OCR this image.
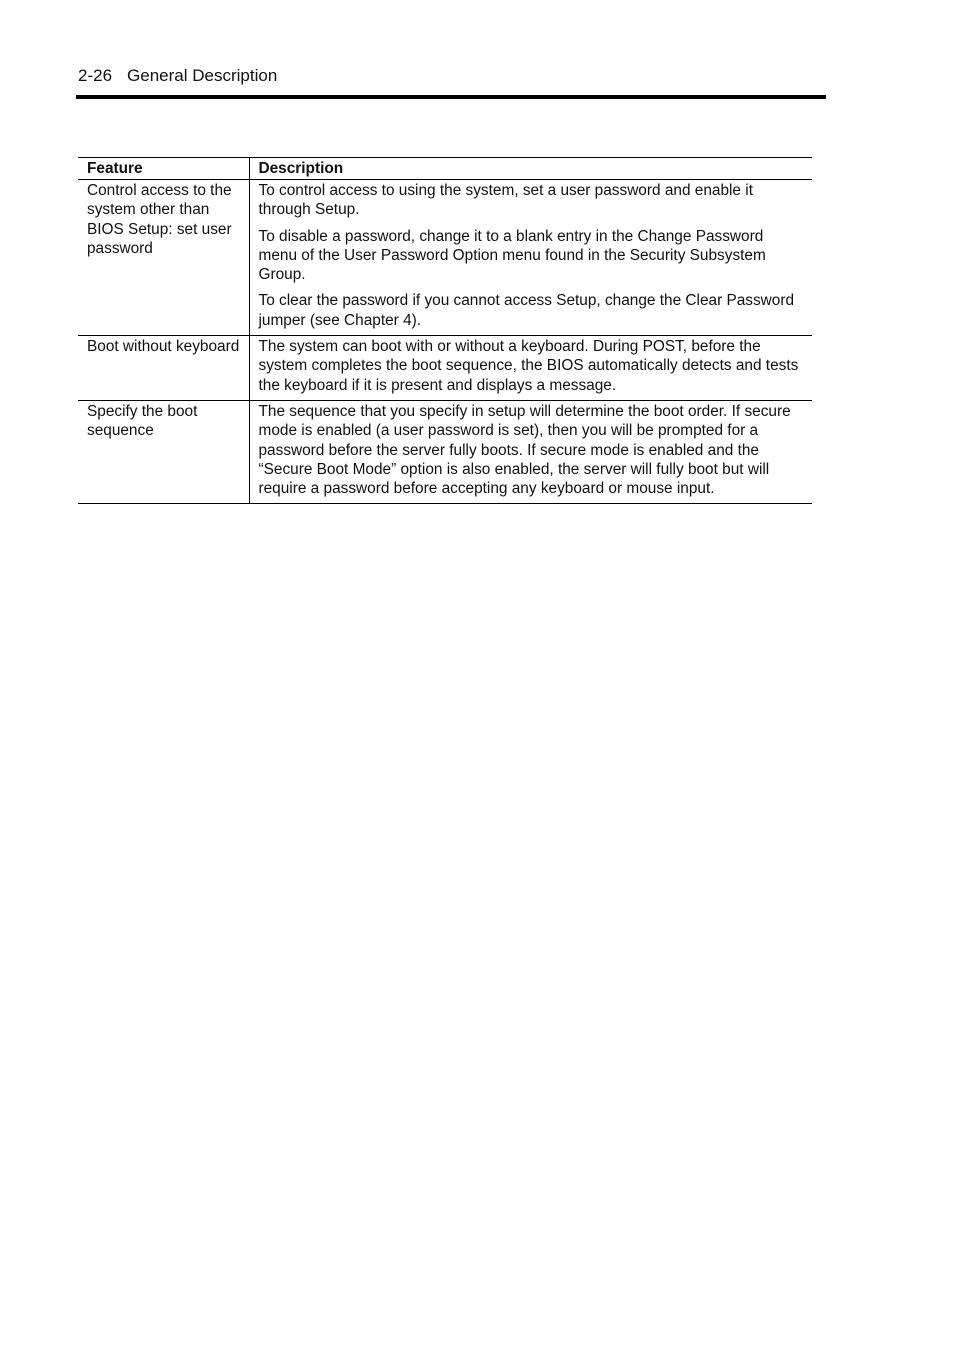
2-26 General Description
Feature	Description
Control access to the system other than BIOS Setup: set user password	To control access to using the system, set a user password and enable it through Setup.

To disable a password, change it to a blank entry in the Change Password menu of the User Password Option menu found in the Security Subsystem Group.

To clear the password if you cannot access Setup, change the Clear Password jumper (see Chapter 4).

Boot without keyboard	The system can boot with or without a keyboard. During POST, before the system completes the boot sequence, the BIOS automatically detects and tests the keyboard if it is present and displays a message.

Specify the boot sequence	The sequence that you specify in setup will determine the boot order. If secure mode is enabled (a user password is set), then you will be prompted for a password before the server fully boots. If secure mode is enabled and the “Secure Boot Mode” option is also enabled, the server will fully boot but will require a password before accepting any keyboard or mouse input.
